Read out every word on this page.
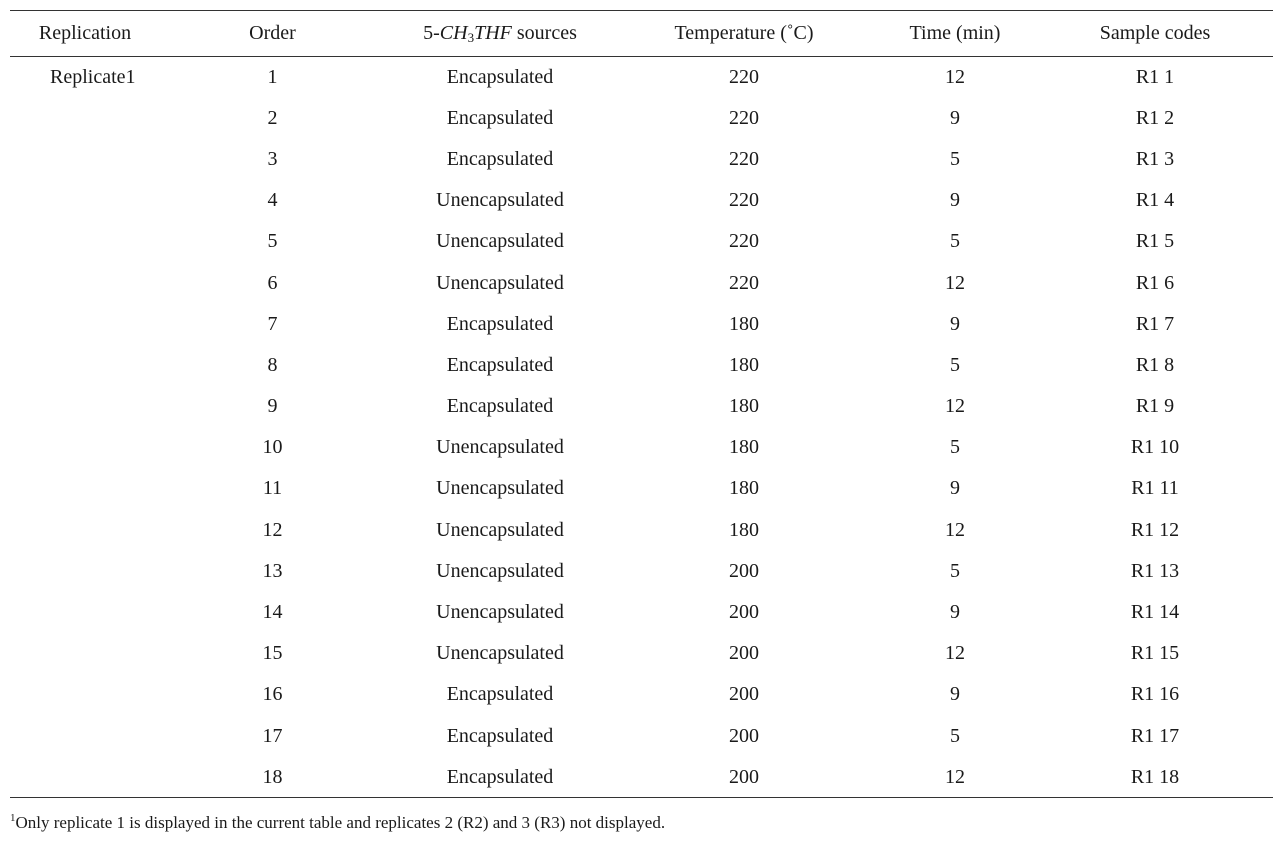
Replication	Order	$5-CH_3THF$ sources	Temperature (˚C)	Time (min)	Sample codes
Replicate1	1	Encapsulated	220	12	R1 1
	2	Encapsulated	220	9	R1 2
	3	Encapsulated	220	5	R1 3
	4	Unencapsulated	220	9	R1 4
	5	Unencapsulated	220	5	R1 5
	6	Unencapsulated	220	12	R1 6
	7	Encapsulated	180	9	R1 7
	8	Encapsulated	180	5	R1 8
	9	Encapsulated	180	12	R1 9
	10	Unencapsulated	180	5	R1 10
	11	Unencapsulated	180	9	R1 11
	12	Unencapsulated	180	12	R1 12
	13	Unencapsulated	200	5	R1 13
	14	Unencapsulated	200	9	R1 14
	15	Unencapsulated	200	12	R1 15
	16	Encapsulated	200	9	R1 16
	17	Encapsulated	200	5	R1 17
	18	Encapsulated	200	12	R1 18
$^1$Only replicate 1 is displayed in the current table and replicates 2 (R2) and 3 (R3) not displayed.
